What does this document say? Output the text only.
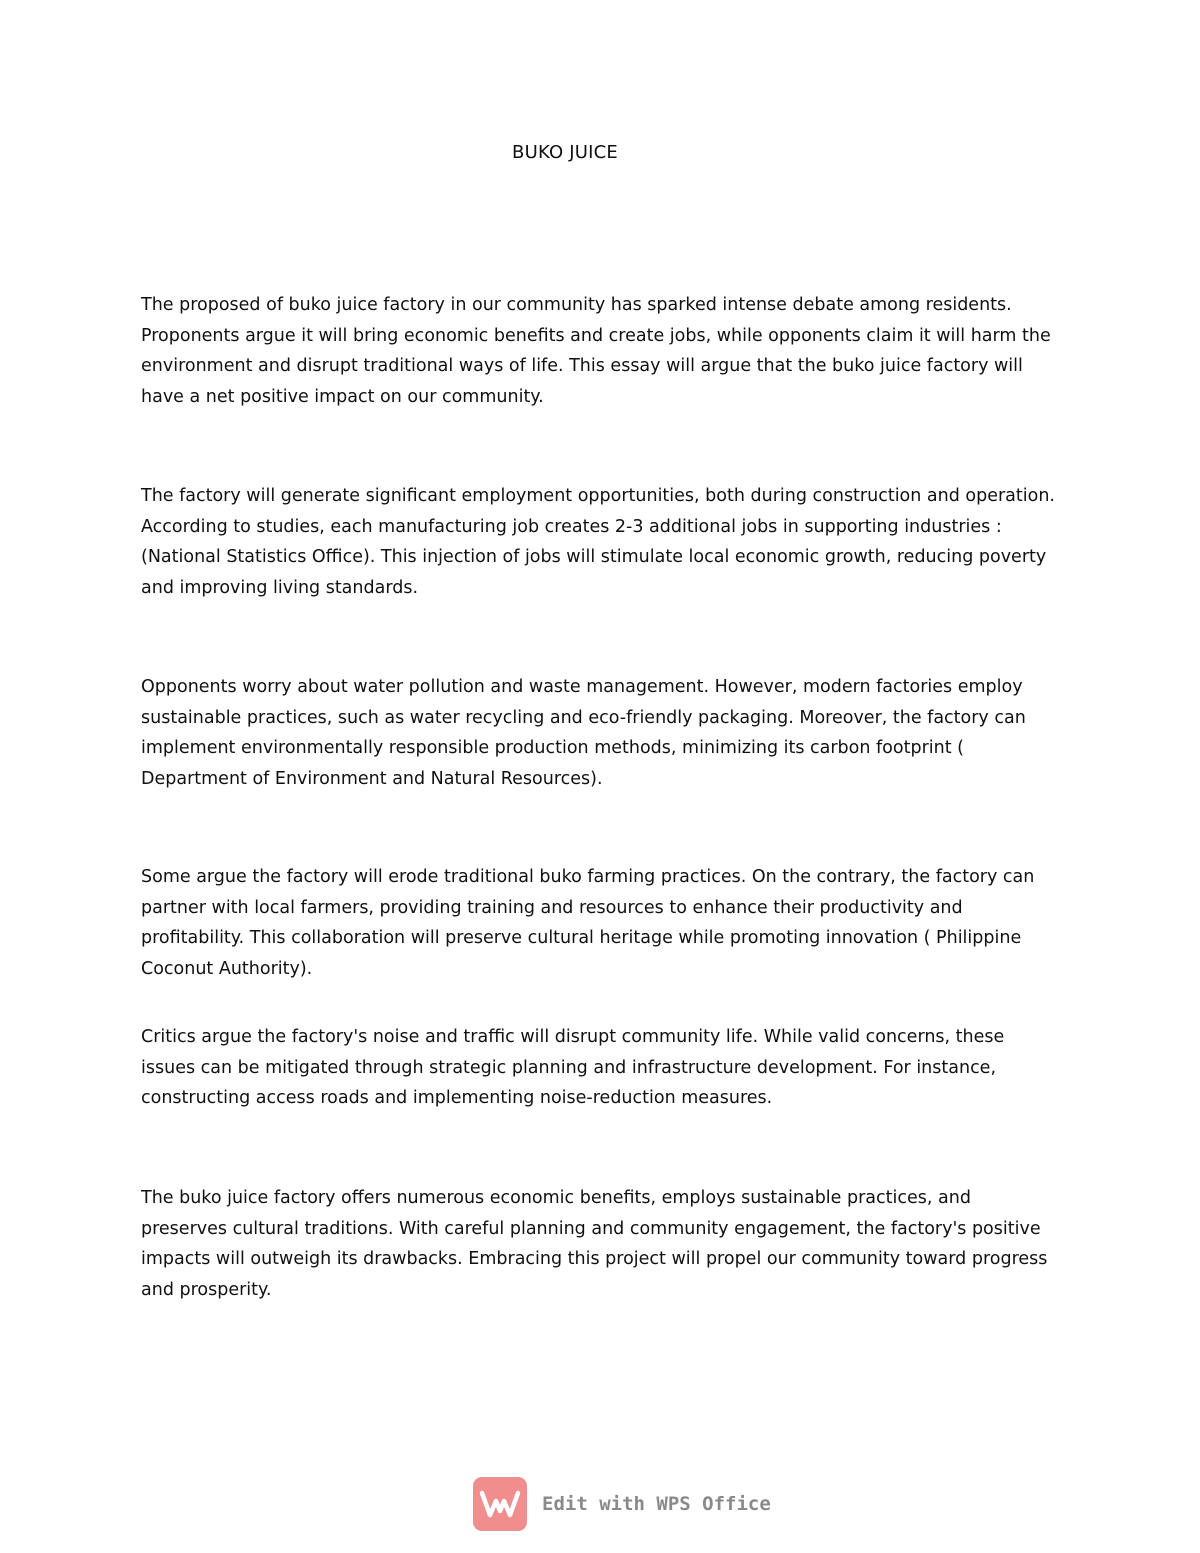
BUKO JUICE

The proposed of buko juice factory in our community has sparked intense debate among residents. Proponents argue it will bring economic benefits and create jobs, while opponents claim it will harm the environment and disrupt traditional ways of life. This essay will argue that the buko juice factory will have a net positive impact on our community.

The factory will generate significant employment opportunities, both during construction and operation. According to studies, each manufacturing job creates 2-3 additional jobs in supporting industries : (National Statistics Office). This injection of jobs will stimulate local economic growth, reducing poverty and improving living standards.

Opponents worry about water pollution and waste management. However, modern factories employ sustainable practices, such as water recycling and eco-friendly packaging. Moreover, the factory can implement environmentally responsible production methods, minimizing its carbon footprint ( Department of Environment and Natural Resources).

Some argue the factory will erode traditional buko farming practices. On the contrary, the factory can partner with local farmers, providing training and resources to enhance their productivity and profitability. This collaboration will preserve cultural heritage while promoting innovation ( Philippine Coconut Authority).

Critics argue the factory's noise and traffic will disrupt community life. While valid concerns, these issues can be mitigated through strategic planning and infrastructure development. For instance, constructing access roads and implementing noise-reduction measures.

The buko juice factory offers numerous economic benefits, employs sustainable practices, and preserves cultural traditions. With careful planning and community engagement, the factory's positive impacts will outweigh its drawbacks. Embracing this project will propel our community toward progress and prosperity.

Edit with WPS Office
